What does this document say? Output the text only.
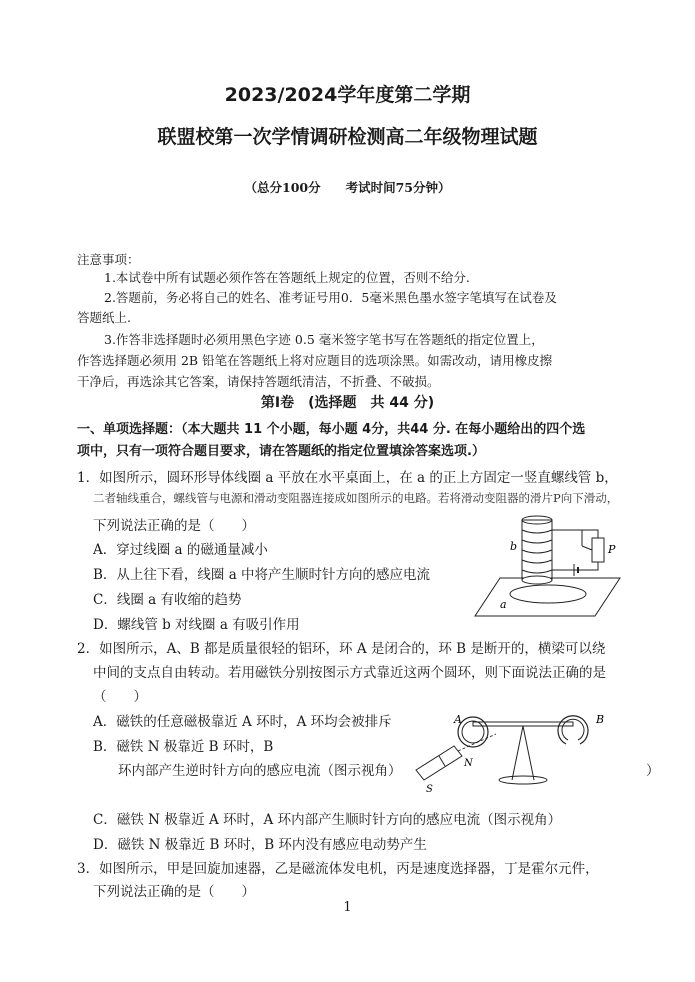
2023/2024学年度第二学期
联盟校第一次学情调研检测高二年级物理试题
（总分100分　　考试时间75分钟）
注意事项：
1.本试卷中所有试题必须作答在答题纸上规定的位置，否则不给分.
2.答题前，务必将自己的姓名、准考证号用0．5毫米黑色墨水签字笔填写在试卷及
答题纸上.
3.作答非选择题时必须用黑色字迹 0.5 毫米签字笔书写在答题纸的指定位置上，
作答选择题必须用 2B 铅笔在答题纸上将对应题目的选项涂黑。如需改动，请用橡皮擦
干净后，再选涂其它答案，请保持答题纸清洁，不折叠、不破损。
第Ⅰ卷　(选择题　共 44 分)
一、单项选择题：（本大题共 11 个小题，每小题 4分，共44 分. 在每小题给出的四个选
项中，只有一项符合题目要求，请在答题纸的指定位置填涂答案选项.）
1．如图所示，圆环形导体线圈 a 平放在水平桌面上，在 a 的正上方固定一竖直螺线管 b，
二者轴线重合，螺线管与电源和滑动变阻器连接成如图所示的电路。若将滑动变阻器的滑片P向下滑动，
下列说法正确的是（　　）
A．穿过线圈 a 的磁通量减小
B．从上往下看，线圈 a 中将产生顺时针方向的感应电流
C．线圈 a 有收缩的趋势
D．螺线管 b 对线圈 a 有吸引作用
b
a
P
2．如图所示，A、B 都是质量很轻的铝环，环 A 是闭合的，环 B 是断开的，横梁可以绕
中间的支点自由转动。若用磁铁分别按图示方式靠近这两个圆环，则下面说法正确的是
（　　）
A．磁铁的任意磁极靠近 A 环时，A 环均会被排斥
B．磁铁 N 极靠近 B 环时，B
环内部产生逆时针方向的感应电流（图示视角）	）
C．磁铁 N 极靠近 A 环时，A 环内部产生顺时针方向的感应电流（图示视角）
D．磁铁 N 极靠近 B 环时，B 环内没有感应电动势产生
A	B
N
S
3．如图所示，甲是回旋加速器，乙是磁流体发电机，丙是速度选择器，丁是霍尔元件，
下列说法正确的是（　　）
1
